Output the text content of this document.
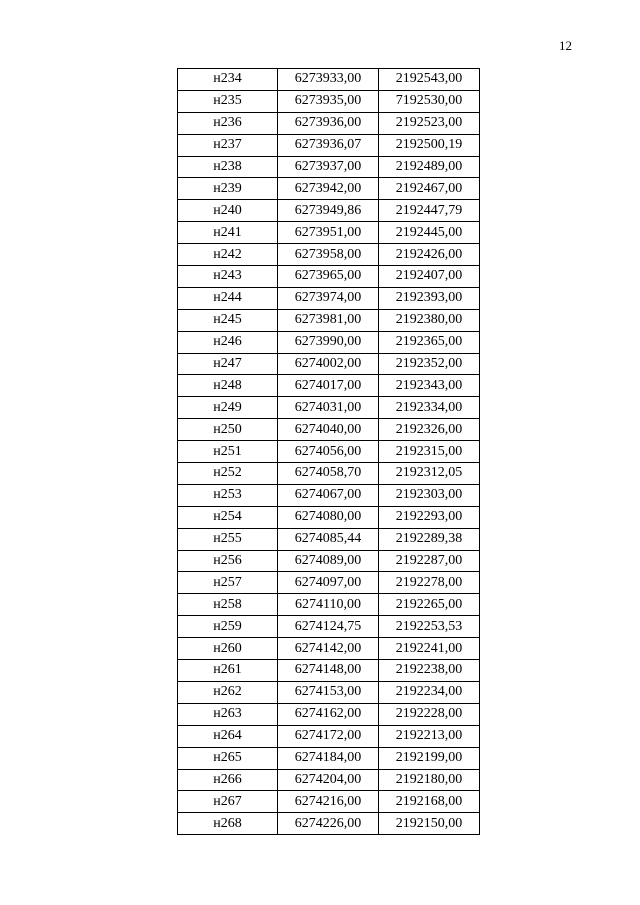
12
н234	6273933,00	2192543,00
н235	6273935,00	7192530,00
н236	6273936,00	2192523,00
н237	6273936,07	2192500,19
н238	6273937,00	2192489,00
н239	6273942,00	2192467,00
н240	6273949,86	2192447,79
н241	6273951,00	2192445,00
н242	6273958,00	2192426,00
н243	6273965,00	2192407,00
н244	6273974,00	2192393,00
н245	6273981,00	2192380,00
н246	6273990,00	2192365,00
н247	6274002,00	2192352,00
н248	6274017,00	2192343,00
н249	6274031,00	2192334,00
н250	6274040,00	2192326,00
н251	6274056,00	2192315,00
н252	6274058,70	2192312,05
н253	6274067,00	2192303,00
н254	6274080,00	2192293,00
н255	6274085,44	2192289,38
н256	6274089,00	2192287,00
н257	6274097,00	2192278,00
н258	6274110,00	2192265,00
н259	6274124,75	2192253,53
н260	6274142,00	2192241,00
н261	6274148,00	2192238,00
н262	6274153,00	2192234,00
н263	6274162,00	2192228,00
н264	6274172,00	2192213,00
н265	6274184,00	2192199,00
н266	6274204,00	2192180,00
н267	6274216,00	2192168,00
н268	6274226,00	2192150,00
